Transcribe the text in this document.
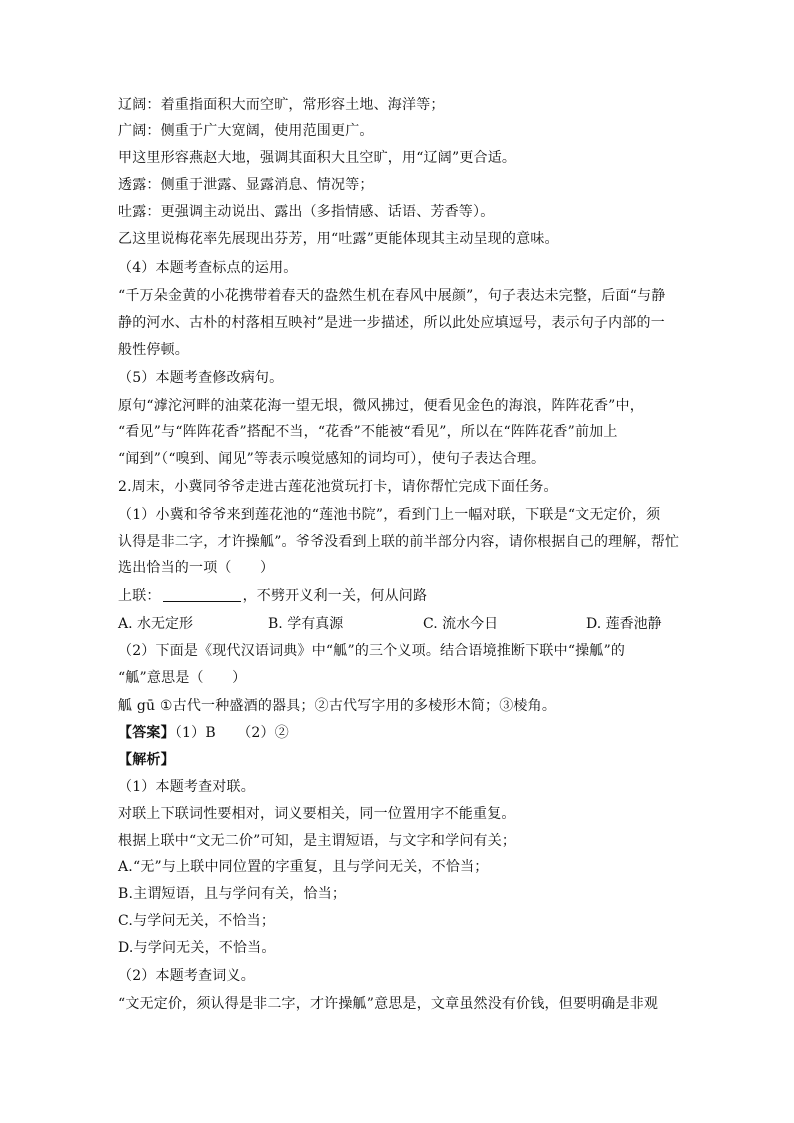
辽阔：着重指面积大而空旷，常形容土地、海洋等；
广阔：侧重于广大宽阔，使用范围更广。
甲这里形容燕赵大地，强调其面积大且空旷，用“辽阔”更合适。
透露：侧重于泄露、显露消息、情况等；
吐露：更强调主动说出、露出（多指情感、话语、芳香等）。
乙这里说梅花率先展现出芬芳，用“吐露”更能体现其主动呈现的意味。
（4）本题考查标点的运用。
“千万朵金黄的小花携带着春天的盎然生机在春风中展颜”，句子表达未完整，后面“与静
静的河水、古朴的村落相互映衬”是进一步描述，所以此处应填逗号，表示句子内部的一
般性停顿。
（5）本题考查修改病句。
原句“滹沱河畔的油菜花海一望无垠，微风拂过，便看见金色的海浪，阵阵花香”中，
“看见”与“阵阵花香”搭配不当，“花香”不能被“看见”，所以在“阵阵花香”前加上
“闻到”（“嗅到、闻见”等表示嗅觉感知的词均可），使句子表达合理。
2.周末，小冀同爷爷走进古莲花池赏玩打卡，请你帮忙完成下面任务。
（1）小冀和爷爷来到莲花池的“莲池书院”，看到门上一幅对联，下联是“文无定价，须
认得是非二字，才许操觚”。爷爷没看到上联的前半部分内容，请你根据自己的理解，帮忙
选出恰当的一项（　　）
上联：	，不劈开义利一关，何从问路
A. 水无定形	B. 学有真源	C. 流水今日	D. 莲香池静
（2）下面是《现代汉语词典》中“觚”的三个义项。结合语境推断下联中“操觚”的
“觚”意思是（　　）
觚 gū ①古代一种盛酒的器具；②古代写字用的多棱形木简；③棱角。
【答案】（1）B　　（2）②
【解析】
（1）本题考查对联。
对联上下联词性要相对，词义要相关，同一位置用字不能重复。
根据上联中“文无二价”可知，是主谓短语，与文字和学问有关；
A.“无”与上联中同位置的字重复，且与学问无关，不恰当；
B.主谓短语，且与学问有关，恰当；
C.与学问无关，不恰当；
D.与学问无关，不恰当。
（2）本题考查词义。
“文无定价，须认得是非二字，才许操觚”意思是，文章虽然没有价钱，但要明确是非观
